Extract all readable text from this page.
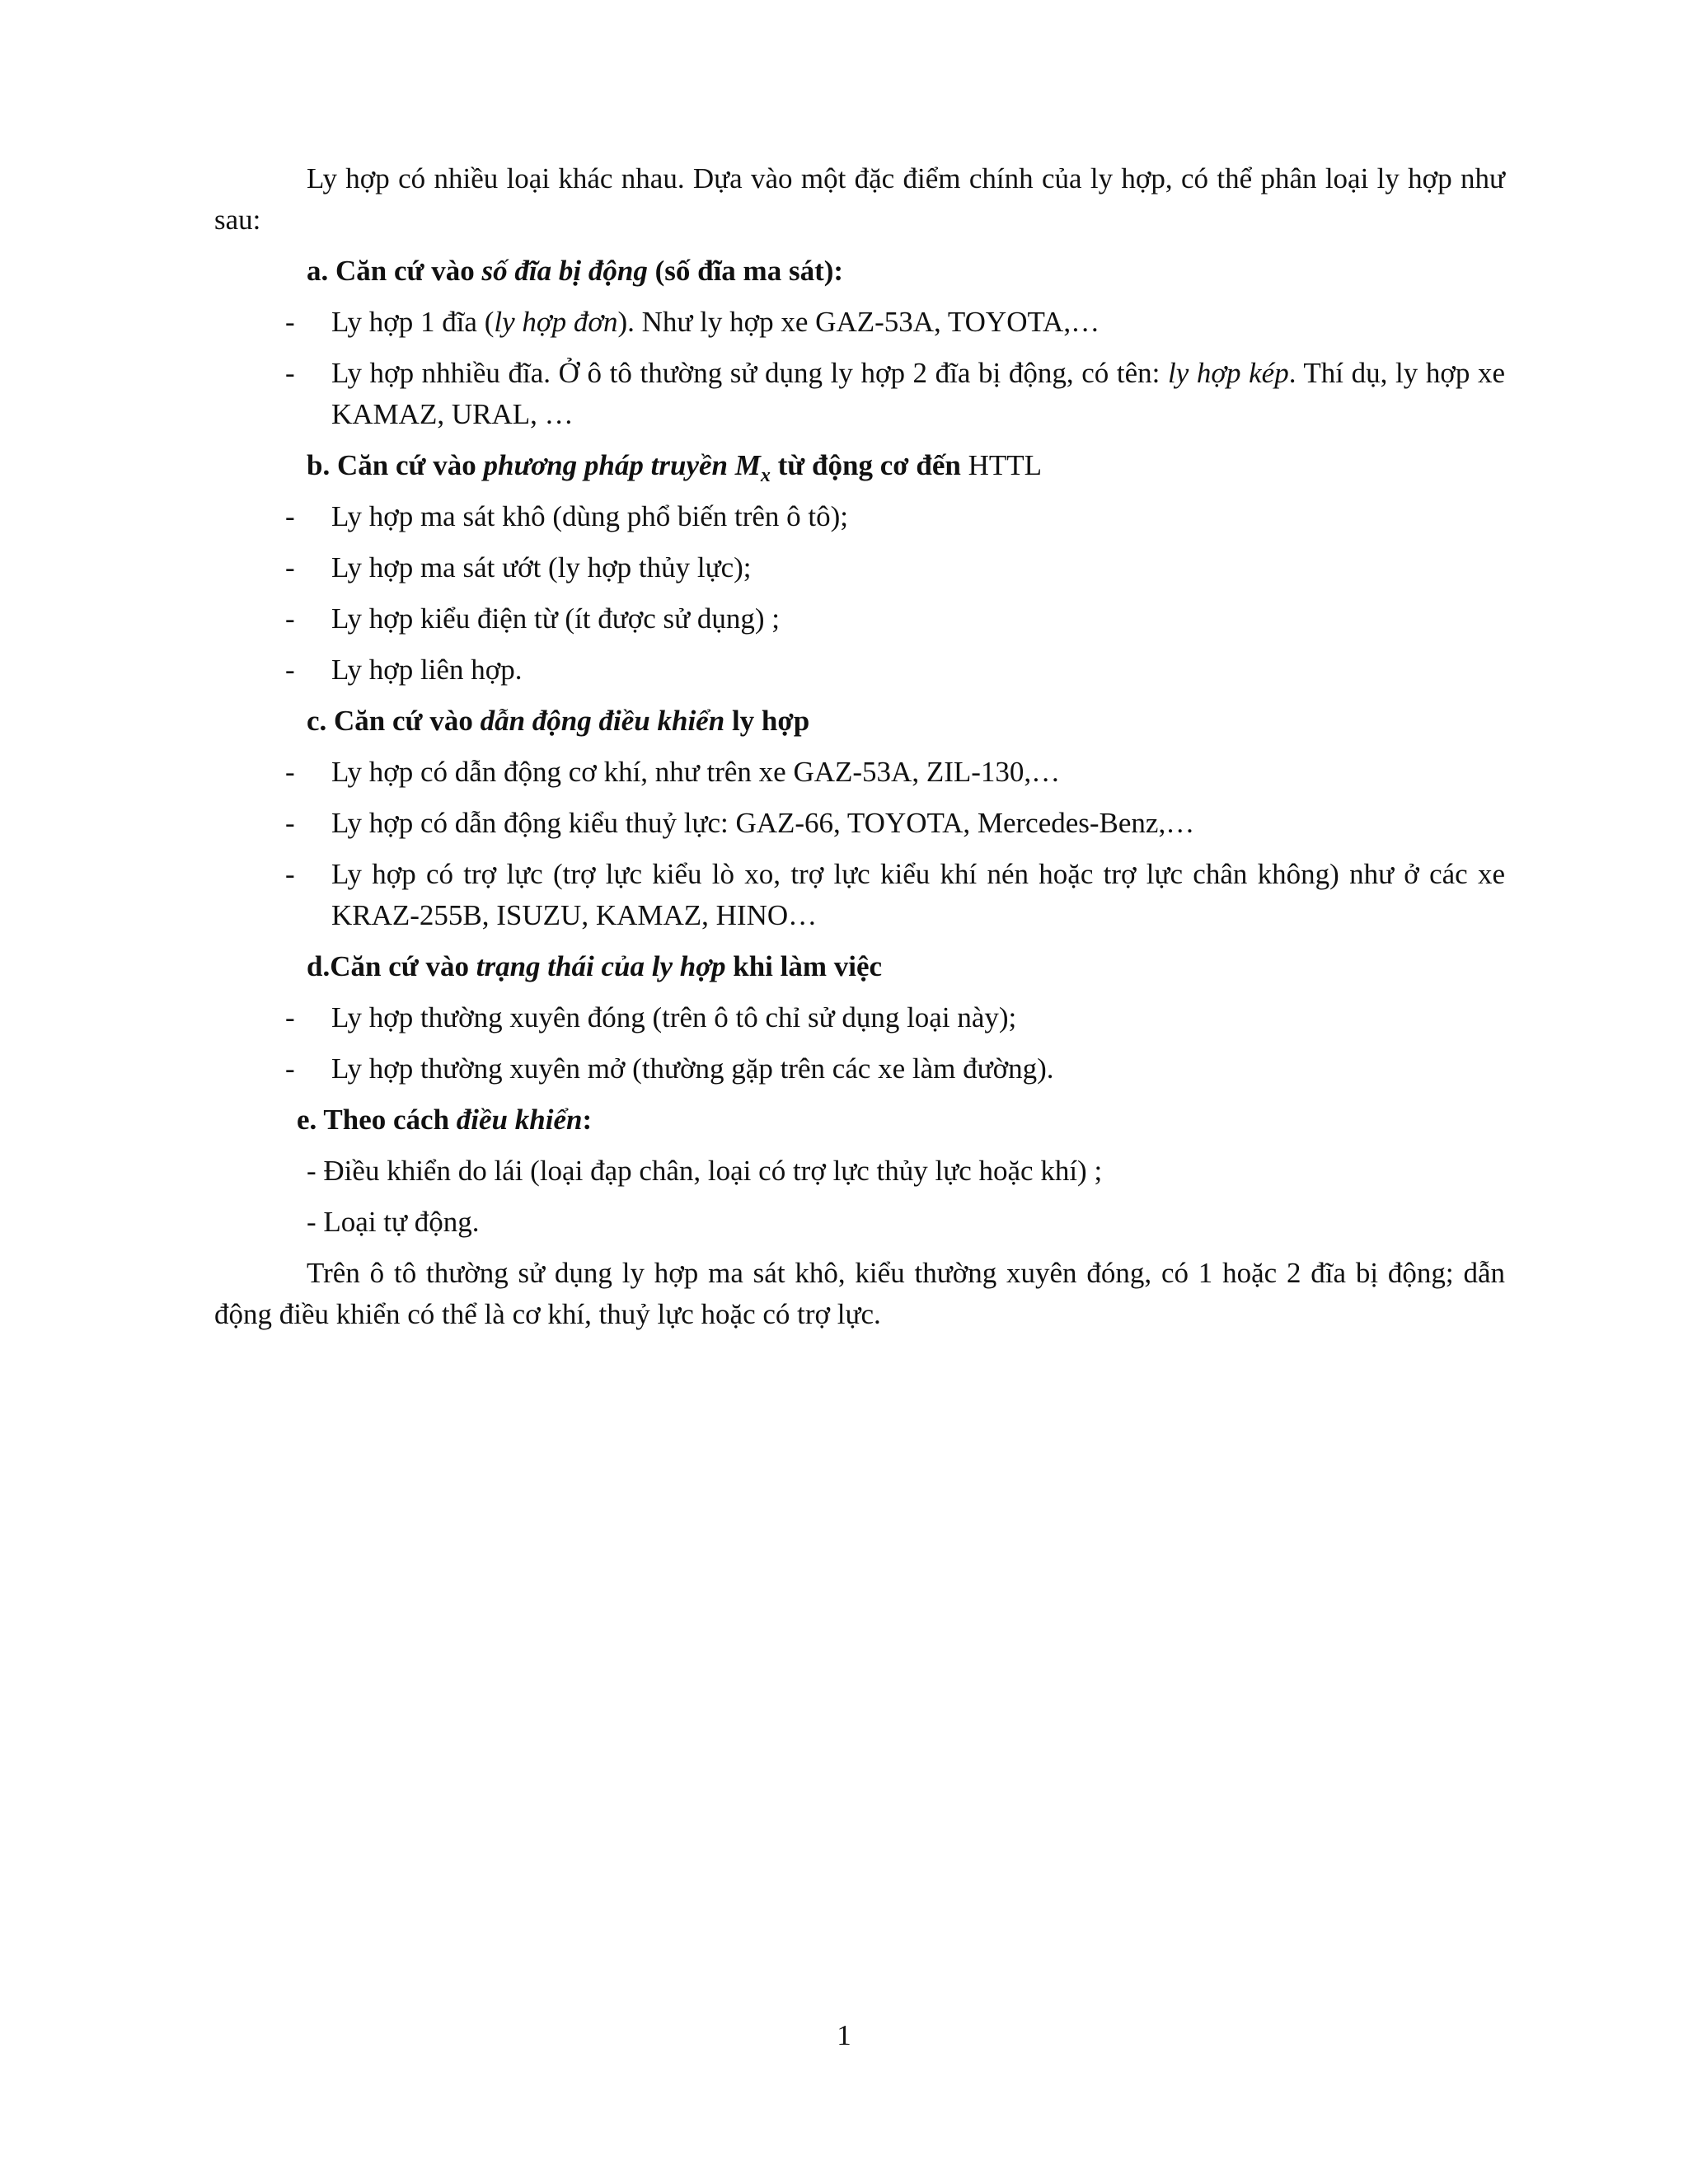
Ly hợp có nhiều loại khác nhau. Dựa vào một đặc điểm chính của ly hợp, có thể phân loại ly hợp như sau:

a. Căn cứ vào số đĩa bị động (số đĩa ma sát):

- Ly hợp 1 đĩa (ly hợp đơn). Như ly hợp xe GAZ-53A, TOYOTA,…
- Ly hợp nhhiều đĩa. Ở ô tô thường sử dụng ly hợp 2 đĩa bị động, có tên: ly hợp kép. Thí dụ, ly hợp xe KAMAZ, URAL, …

b. Căn cứ vào phương pháp truyền $M_x$ từ động cơ đến HTTL

- Ly hợp ma sát khô (dùng phổ biến trên ô tô);
- Ly hợp ma sát ướt (ly hợp thủy lực);
- Ly hợp kiểu điện từ (ít được sử dụng) ;
- Ly hợp liên hợp.

c. Căn cứ vào dẫn động điều khiển ly hợp

- Ly hợp có dẫn động cơ khí, như trên xe GAZ-53A, ZIL-130,…
- Ly hợp có dẫn động kiểu thuỷ lực: GAZ-66, TOYOTA, Mercedes-Benz,…
- Ly hợp có trợ lực (trợ lực kiểu lò xo, trợ lực kiểu khí nén hoặc trợ lực chân không) như ở các xe KRAZ-255B, ISUZU, KAMAZ, HINO…

d.Căn cứ vào trạng thái của ly hợp khi làm việc

- Ly hợp thường xuyên đóng (trên ô tô chỉ sử dụng loại này);
- Ly hợp thường xuyên mở (thường gặp trên các xe làm đường).

e. Theo cách điều khiển:

- Điều khiển do lái (loại đạp chân, loại có trợ lực thủy lực hoặc khí) ;

- Loại tự động.

Trên ô tô thường sử dụng ly hợp ma sát khô, kiểu thường xuyên đóng, có 1 hoặc 2 đĩa bị động; dẫn động điều khiển có thể là cơ khí, thuỷ lực hoặc có trợ lực.

1
